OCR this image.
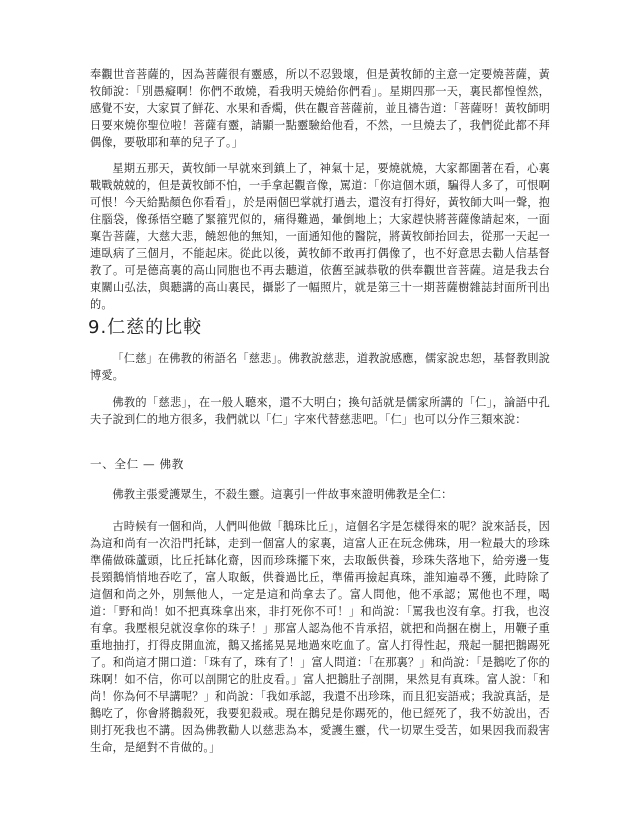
奉觀世音菩薩的，因為菩薩很有靈感，所以不忍毀壞，但是黃牧師的主意一定要燒菩薩，黃牧師說：「別愚癡啊！你們不敢燒，看我明天燒給你們看」。星期四那一天，裏民都惶惶然，感覺不安，大家買了鮮花、水果和香燭，供在觀音菩薩前，並且禱告道：「菩薩呀！黃牧師明日要來燒你聖位啦！菩薩有靈，請顯一點靈驗給他看，不然，一旦燒去了，我們從此都不拜偶像，要敬耶和華的兒子了。」

星期五那天，黃牧師一早就來到鎮上了，神氣十足，要燒就燒，大家都圍著在看，心裏戰戰兢兢的，但是黃牧師不怕，一手拿起觀音像，罵道：「你這個木頭，騙得人多了，可恨啊可恨！今天給點顏色你看看」，於是兩個巴掌就打過去，還沒有打得好，黃牧師大叫一聲，抱住腦袋，像孫悟空聽了緊箍咒似的，痛得難過，暈倒地上；大家趕快將菩薩像請起來，一面稟告菩薩，大慈大悲，饒恕他的無知，一面通知他的醫院，將黃牧師抬回去，從那一天起一連臥病了三個月，不能起床。從此以後，黃牧師不敢再打偶像了，也不好意思去勸人信基督教了。可是德高裏的高山同胞也不再去聽道，依舊至誠恭敬的供奉觀世音菩薩。這是我去台東關山弘法，與聽講的高山裏民，攝影了一幅照片，就是第三十一期菩薩樹雜誌封面所刊出的。

9.仁慈的比較

「仁慈」在佛教的術語名「慈悲」。佛教說慈悲，道教說感應，儒家說忠恕，基督教則說博愛。

佛教的「慈悲」，在一般人聽來，還不大明白；換句話就是儒家所講的「仁」，論語中孔夫子說到仁的地方很多，我們就以「仁」字來代替慈悲吧。「仁」也可以分作三類來說：

一、全仁 — 佛教

佛教主張愛護眾生，不殺生靈。這裏引一件故事來證明佛教是全仁：

古時候有一個和尚，人們叫他做「鵝珠比丘」，這個名字是怎樣得來的呢？說來話長，因為這和尚有一次沿門托缽，走到一個富人的家裏，這富人正在玩念佛珠，用一粒最大的珍珠準備做硃蘆頭，比丘托缽化齋，因而珍珠擺下來，去取飯供養，珍珠失落地下，給旁邊一隻長頸鵝悄悄地吞吃了，富人取飯，供養過比丘，準備再撿起真珠，誰知遍尋不獲，此時除了這個和尚之外，別無他人，一定是這和尚拿去了。富人問他，他不承認；罵他也不理，喝道：「野和尚！如不把真珠拿出來，非打死你不可！」和尚說：「罵我也沒有拿。打我，也沒有拿。我壓根兒就沒拿你的珠子！」那富人認為他不肯承招，就把和尚捆在樹上，用鞭子重重地抽打，打得皮開血流，鵝又搖搖晃晃地過來吃血了。富人打得性起，飛起一腿把鵝踢死了。和尚這才開口道：「珠有了，珠有了！」富人問道：「在那裏？」和尚說：「是鵝吃了你的珠啊！如不信，你可以剖開它的肚皮看。」富人把鵝肚子剖開，果然見有真珠。富人說：「和尚！你為何不早講呢？」和尚說：「我如承認，我還不出珍珠，而且犯妄語戒；我說真話，是鵝吃了，你會將鵝殺死，我要犯殺戒。現在鵝兒是你踢死的，他已經死了，我不妨說出，否則打死我也不講。因為佛教勸人以慈悲為本，愛護生靈，代一切眾生受苦，如果因我而殺害生命，是絕對不肯做的。」
